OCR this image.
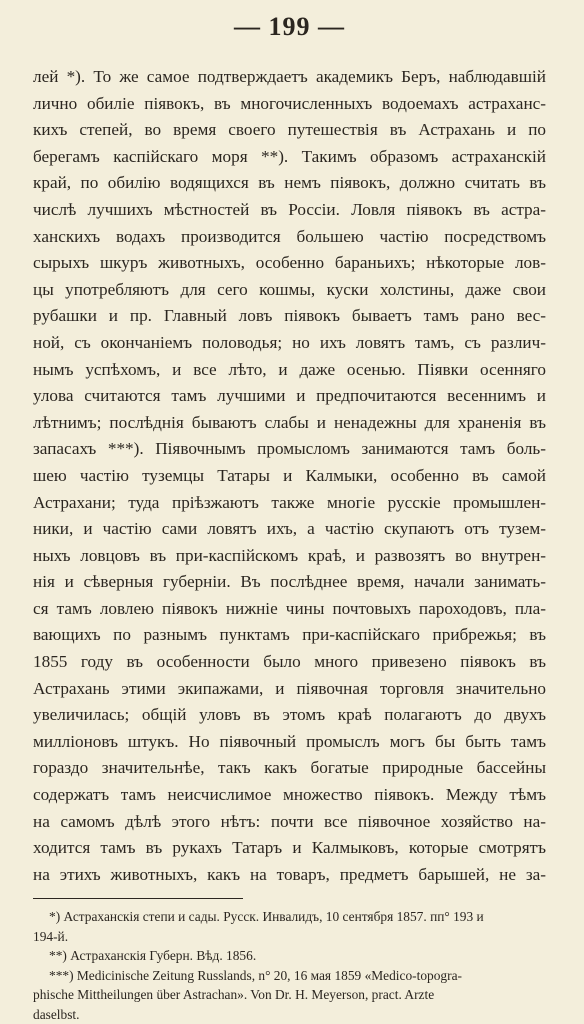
— 199 —
лей *). То же самое подтверждаетъ академикъ Беръ, наблюдавшій
лично обиліе піявокъ, въ многочисленныхъ водоемахъ астраханс-
кихъ степей, во время своего путешествія въ Астрахань и по
берегамъ каспійскаго моря **). Такимъ образомъ астраханскій
край, по обилію водящихся въ немъ піявокъ, должно считать въ
числѣ лучшихъ мѣстностей въ Россіи. Ловля піявокъ въ астра-
ханскихъ водахъ производится большею частію посредствомъ
сырыхъ шкуръ животныхъ, особенно бараньихъ; нѣкоторые лов-
цы употребляютъ для сего кошмы, куски холстины, даже свои
рубашки и пр. Главный ловъ піявокъ бываетъ тамъ рано вес-
ной, съ окончаніемъ половодья; но ихъ ловятъ тамъ, съ различ-
нымъ успѣхомъ, и все лѣто, и даже осенью. Піявки осенняго
улова считаются тамъ лучшими и предпочитаются весеннимъ и
лѣтнимъ; послѣднія бываютъ слабы и ненадежны для храненія въ
запасахъ ***). Піявочнымъ промысломъ занимаются тамъ боль-
шею частію туземцы Татары и Калмыки, особенно въ самой
Астрахани; туда пріѣзжаютъ также многіе русскіе промышлен-
ники, и частію сами ловятъ ихъ, а частію скупаютъ отъ тузем-
ныхъ ловцовъ въ при-каспійскомъ краѣ, и развозятъ во внутрен-
нія и сѣверныя губерніи. Въ послѣднее время, начали занимать-
ся тамъ ловлею піявокъ нижніе чины почтовыхъ пароходовъ, пла-
вающихъ по разнымъ пунктамъ при-каспійскаго прибрежья; въ
1855 году въ особенности было много привезено піявокъ въ
Астрахань этими экипажами, и піявочная торговля значительно
увеличилась; общій уловъ въ этомъ краѣ полагаютъ до двухъ
милліоновъ штукъ. Но піявочный промыслъ могъ бы быть тамъ
гораздо значительнѣе, такъ какъ богатые природные бассейны
содержатъ тамъ неисчислимое множество піявокъ. Между тѣмъ
на самомъ дѣлѣ этого нѣтъ: почти все піявочное хозяйство на-
ходится тамъ въ рукахъ Татаръ и Калмыковъ, которые смотрятъ
на этихъ животныхъ, какъ на товаръ, предметъ барышей, не за-
*) Астраханскія степи и сады. Русск. Инвалидъ, 10 сентября 1857. пп° 193 и
194-й.
**) Астраханскія Губерн. Вѣд. 1856.
***) Medicinische Zeitung Russlands, n° 20, 16 мая 1859 «Medico-topogra-
phische Mittheilungen über Astrachan». Von Dr. H. Meyerson, pract. Arzte
daselbst.
